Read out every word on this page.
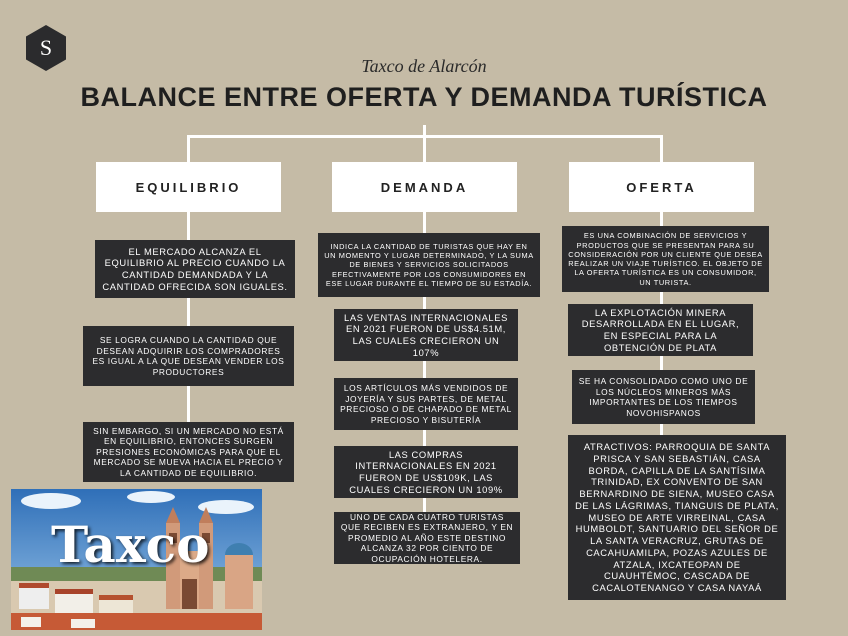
S
Taxco de Alarcón
BALANCE ENTRE OFERTA Y DEMANDA TURÍSTICA
EQUILIBRIO	DEMANDA	OFERTA
EL MERCADO ALCANZA EL EQUILIBRIO AL PRECIO CUANDO LA CANTIDAD DEMANDADA Y LA CANTIDAD OFRECIDA SON IGUALES.
SE LOGRA CUANDO LA CANTIDAD QUE DESEAN ADQUIRIR LOS COMPRADORES ES IGUAL A LA QUE DESEAN VENDER LOS PRODUCTORES
SIN EMBARGO, SI UN MERCADO NO ESTÁ EN EQUILIBRIO, ENTONCES SURGEN PRESIONES ECONÓMICAS PARA QUE EL MERCADO SE MUEVA HACIA EL PRECIO Y LA CANTIDAD DE EQUILIBRIO.
INDICA LA CANTIDAD DE TURISTAS QUE HAY EN UN MOMENTO Y LUGAR DETERMINADO, Y LA SUMA DE BIENES Y SERVICIOS SOLICITADOS EFECTIVAMENTE POR LOS CONSUMIDORES EN ESE LUGAR DURANTE EL TIEMPO DE SU ESTADÍA.
LAS VENTAS INTERNACIONALES EN 2021 FUERON DE US$4.51M, LAS CUALES CRECIERON UN 107%
LOS ARTÍCULOS MÁS VENDIDOS DE JOYERÍA Y SUS PARTES, DE METAL PRECIOSO O DE CHAPADO DE METAL PRECIOSO Y BISUTERÍA
LAS COMPRAS INTERNACIONALES EN 2021 FUERON DE US$109K, LAS CUALES CRECIERON UN 109%
UNO DE CADA CUATRO TURISTAS QUE RECIBEN ES EXTRANJERO, Y EN PROMEDIO AL AÑO ESTE DESTINO ALCANZA 32 POR CIENTO DE OCUPACIÓN HOTELERA.
ES UNA COMBINACIÓN DE SERVICIOS Y PRODUCTOS QUE SE PRESENTAN PARA SU CONSIDERACIÓN POR UN CLIENTE QUE DESEA REALIZAR UN VIAJE TURÍSTICO. EL OBJETO DE LA OFERTA TURÍSTICA ES UN CONSUMIDOR, UN TURISTA.
LA EXPLOTACIÓN MINERA DESARROLLADA EN EL LUGAR, EN ESPECIAL PARA LA OBTENCIÓN DE PLATA
SE HA CONSOLIDADO COMO UNO DE LOS NÚCLEOS MINEROS MÁS IMPORTANTES DE LOS TIEMPOS NOVOHISPANOS
ATRACTIVOS: PARROQUIA DE SANTA PRISCA Y SAN SEBASTIÁN, CASA BORDA, CAPILLA DE LA SANTÍSIMA TRINIDAD, EX CONVENTO DE SAN BERNARDINO DE SIENA, MUSEO CASA DE LAS LÁGRIMAS, TIANGUIS DE PLATA, MUSEO DE ARTE VIRREINAL, CASA HUMBOLDT, SANTUARIO DEL SEÑOR DE LA SANTA VERACRUZ, GRUTAS DE CACAHUAMILPA, POZAS AZULES DE ATZALA, IXCATEOPAN DE CUAUHTÉMOC, CASCADA DE CACALOTENANGO Y CASA NAYAÁ
Taxco
